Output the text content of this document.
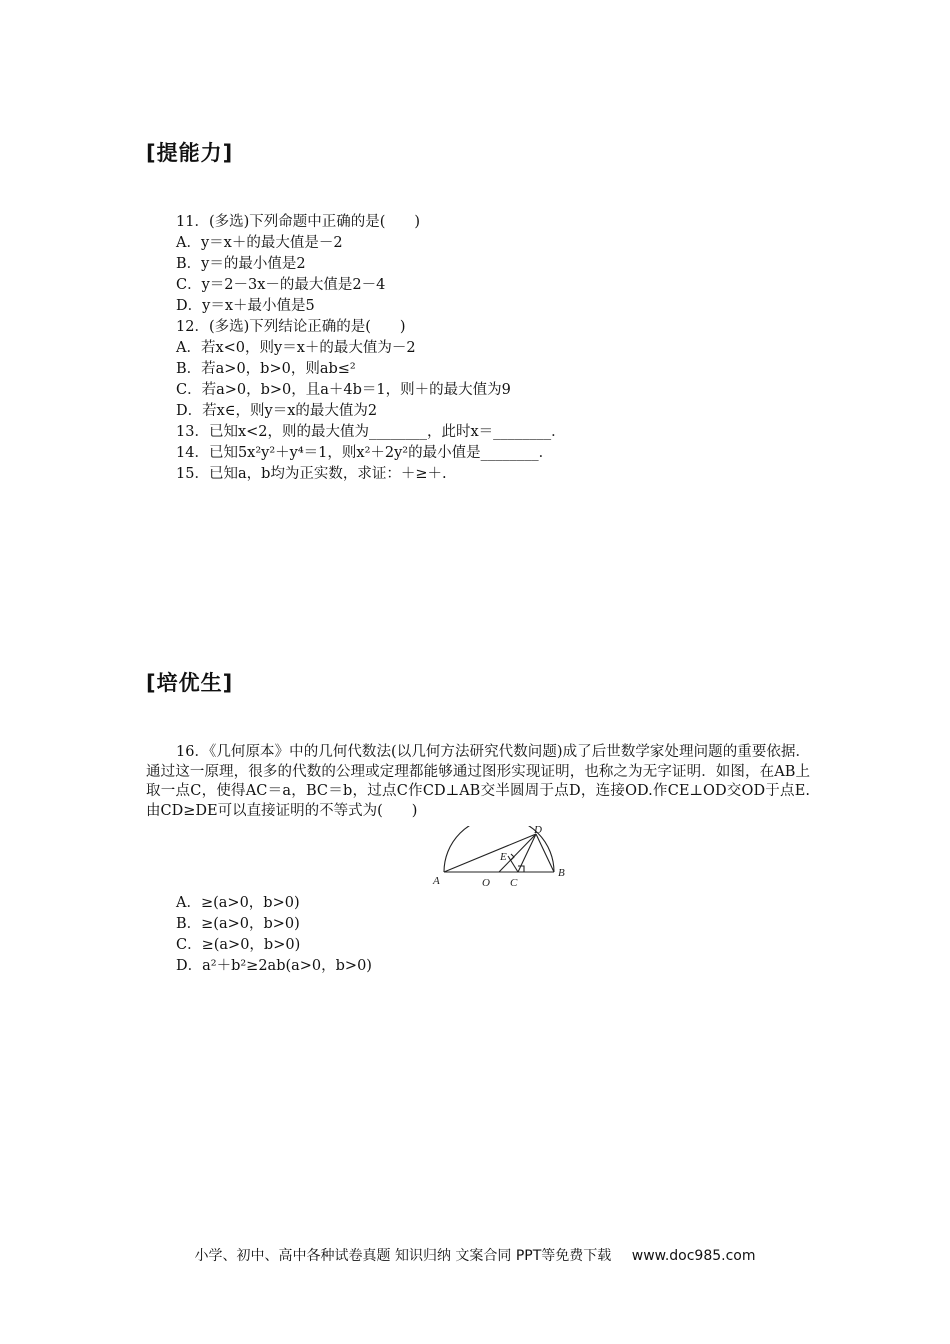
[提能力]
11．(多选)下列命题中正确的是(　　)
A．y＝x＋的最大值是－2
B．y＝的最小值是2
C．y＝2－3x－的最大值是2－4
D．y＝x＋最小值是5
12．(多选)下列结论正确的是(　　)
A．若x<0，则y＝x＋的最大值为－2
B．若a>0，b>0，则ab≤²
C．若a>0，b>0，且a＋4b＝1，则＋的最大值为9
D．若x∈，则y＝x的最大值为2
13．已知x<2，则的最大值为________，此时x＝________．
14．已知5x²y²＋y⁴＝1，则x²＋2y²的最小值是________．
15．已知a，b均为正实数，求证：＋≥＋.
[培优生]
16．《几何原本》中的几何代数法(以几何方法研究代数问题)成了后世数学家处理问题的重要依据．通过这一原理，很多的代数的公理或定理都能够通过图形实现证明，也称之为无字证明．如图，在AB上取一点C，使得AC＝a，BC＝b，过点C作CD⊥AB交半圆周于点D，连接OD.作CE⊥OD交OD于点E.由CD≥DE可以直接证明的不等式为(　　)
A	O C
B
D
E
A．≥(a>0，b>0)
B．≥(a>0，b>0)
C．≥(a>0，b>0)
D．a²＋b²≥2ab(a>0，b>0)
小学、初中、高中各种试卷真题 知识归纳 文案合同 PPT等免费下载 www.doc985.com
